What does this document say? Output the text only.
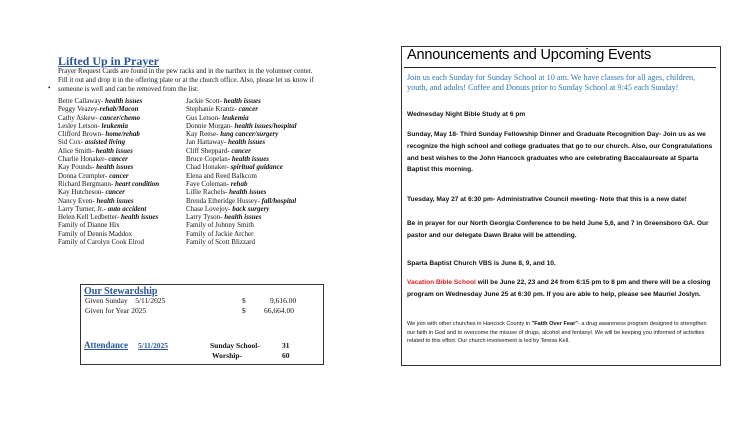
Lifted Up in Prayer
Prayer Request Cards are found in the pew racks and in the narthex in the volunteer center.
Fill it out and drop it in the offering plate or at the church office. Also, please let us know if
someone is well and can be removed from the list.
•
Bette Callaway- health issues
Peggy Veazey-rehab/Macon
Cathy Askew- cancer/chemo
Lesley Letson- leukemia
Clifford Brown- home/rehab
Sid Cox- assisted living
Alice Smith- health issues
Charlie Honaker- cancer
Kay Pounds- health issues
Donna Crumpler- cancer
Richard Bergmann- heart condition
Kay Hutcheson- cancer
Nancy Even- health issues
Larry Turner, Jr.- auto accident
Helen Kell Ledbetter- health issues
Family of Dianne Hix
Family of Dennis Maddox
Family of Carolyn Cook Elrod
Jackie Scott- health issues
Stephanie Krantz- cancer
Gus Letson- leukemia
Donnie Morgan- health issues/hospital
Kay Reese- lung cancer/surgery
Jan Hattaway- health issues
Cliff Sheppard- cancer
Bruce Copelan- health issues
Chad Honaker- spiritual guidance
Elena and Reed Balkcom
Faye Coleman- rehab
Lillie Rachels- health issues
Brenda Etheridge Hussey- fall/hospital
Chase Lovejoy- back surgery
Larry Tyson- health issues
Family of Johnny Smith
Family of Jackie Archer
Family of Scott Blizzard
Our Stewardship
Given Sunday    5/11/2025	$	9,616.00
Given for Year 2025	$ 66,664.00
Attendance 5/11/2025	Sunday School-	31
Worship-	60
Announcements and Upcoming Events
Join us each Sunday for Sunday School at 10 am. We have classes for all ages, children, youth, and adults! Coffee and Donuts prior to Sunday School at 9:45 each Sunday!
Wednesday Night Bible Study at 6 pm
Sunday, May 18- Third Sunday Fellowship Dinner and Graduate Recognition Day- Join us as we recognize the high school and college graduates that go to our church. Also, our Congratulations and best wishes to the John Hancock graduates who are celebrating Baccalaureate at Sparta Baptist this morning.
Tuesday, May 27 at 6:30 pm- Administrative Council meeting- Note that this is a new date!
Be in prayer for our North Georgia Conference to be held June 5,6, and 7 in Greensboro GA. Our pastor and our delegate Dawn Brake will be attending.
Sparta Baptist Church VBS is June 8, 9, and 10.
Vacation Bible School will be June 22, 23 and 24 from 6:15 pm to 8 pm and there will be a closing program on Wednesday June 25 at 6:30 pm. If you are able to help, please see Mauriel Joslyn.
We join with other churches in Hancock County in "Faith Over Fear"- a drug awareness program designed to strengthen our faith in God and to overcome the misuse of drugs, alcohol and fentanyl. We will be keeping you informed of activities related to this effort. Our church involvement is led by Teresa Kell.
